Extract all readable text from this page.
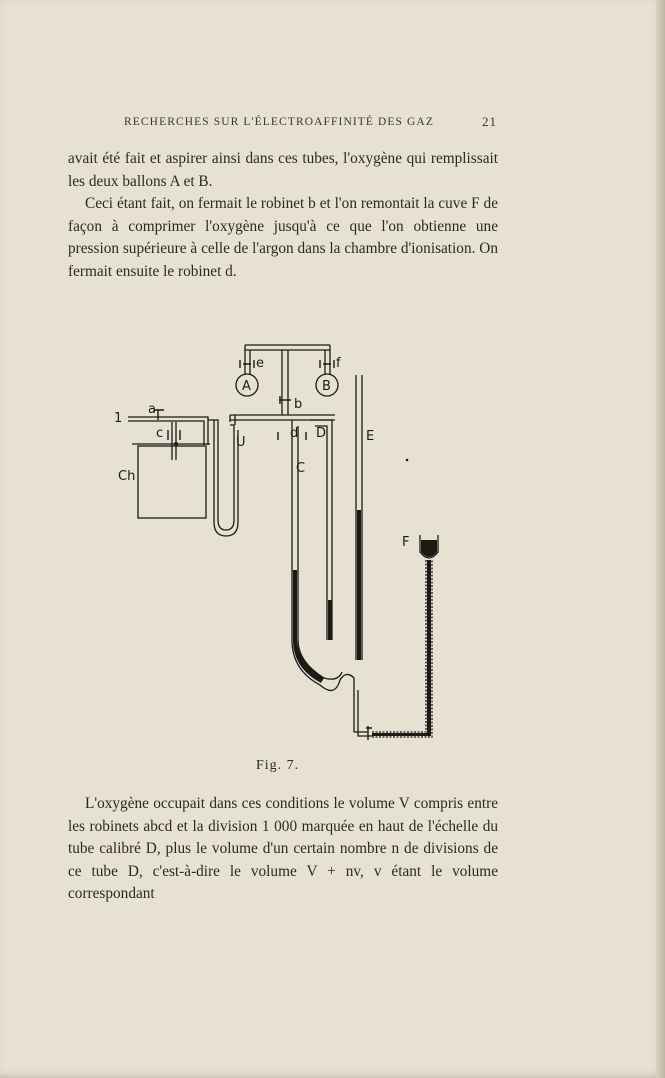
RECHERCHES SUR L'ÉLECTROAFFINITÉ DES GAZ	21

avait été fait et aspirer ainsi dans ces tubes, l'oxygène qui remplissait les deux ballons A et B.

Ceci étant fait, on fermait le robinet b et l'on remontait la cuve F de façon à comprimer l'oxygène jusqu'à ce que l'on obtienne une pression supérieure à celle de l'argon dans la chambre d'ionisation. On fermait ensuite le robinet d.

1
a
c
Ch
U
e	f
A	B
b
d D
C
E
F
Fig. 7.

L'oxygène occupait dans ces conditions le volume V compris entre les robinets abcd et la division 1 000 marquée en haut de l'échelle du tube calibré D, plus le volume d'un certain nombre n de divisions de ce tube D, c'est-à-dire le volume V + nv, v étant le volume correspondant
